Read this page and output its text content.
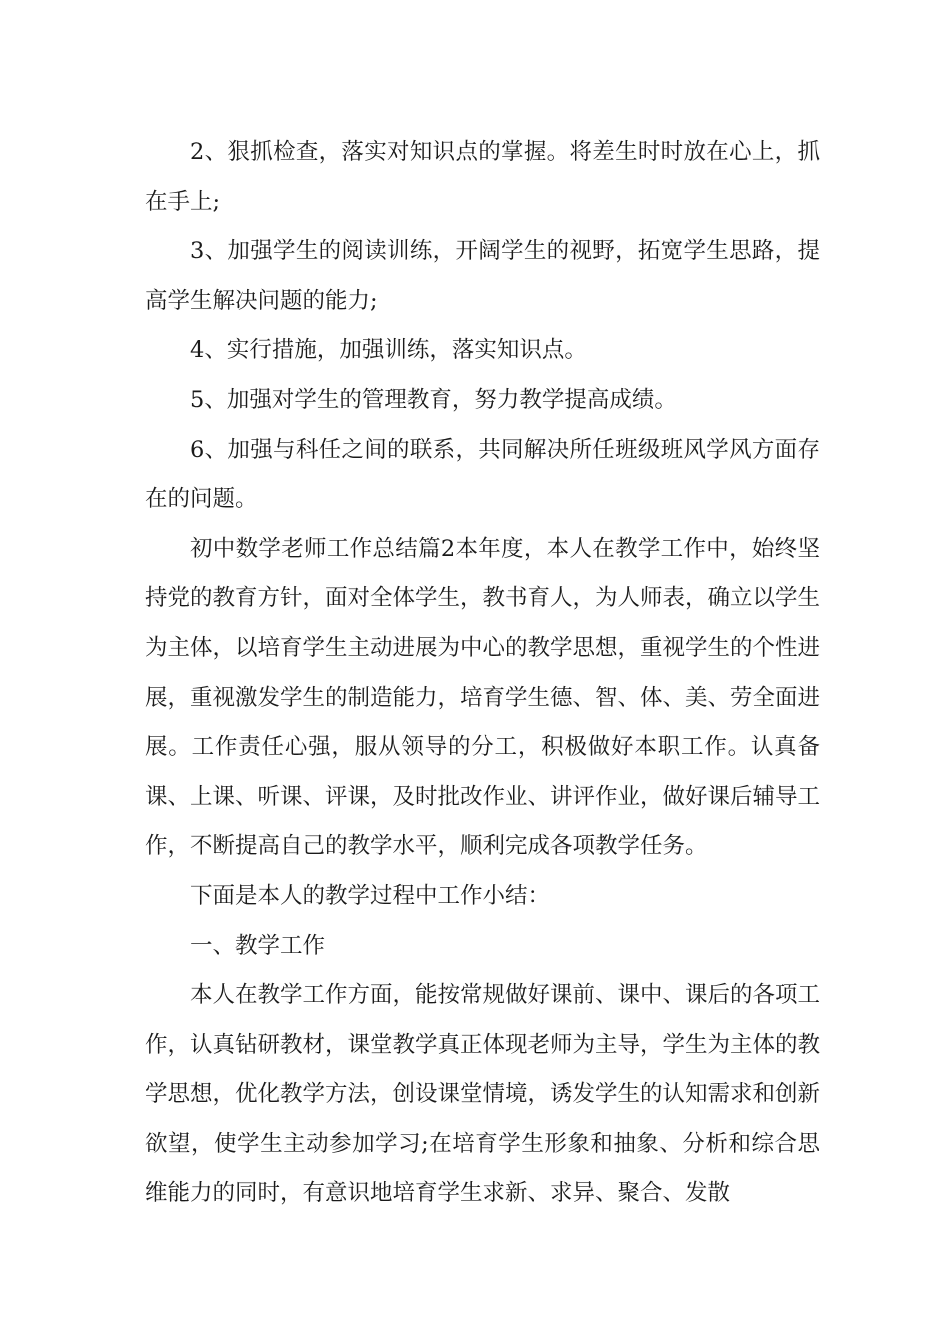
2、狠抓检查，落实对知识点的掌握。将差生时时放在心上，抓在手上;

3、加强学生的阅读训练，开阔学生的视野，拓宽学生思路，提高学生解决问题的能力;

4、实行措施，加强训练，落实知识点。

5、加强对学生的管理教育，努力教学提高成绩。

6、加强与科任之间的联系，共同解决所任班级班风学风方面存在的问题。

初中数学老师工作总结篇2本年度，本人在教学工作中，始终坚持党的教育方针，面对全体学生，教书育人，为人师表，确立以学生为主体，以培育学生主动进展为中心的教学思想，重视学生的个性进展，重视激发学生的制造能力，培育学生德、智、体、美、劳全面进展。工作责任心强，服从领导的分工，积极做好本职工作。认真备课、上课、听课、评课，及时批改作业、讲评作业，做好课后辅导工作，不断提高自己的教学水平，顺利完成各项教学任务。

下面是本人的教学过程中工作小结：

一、教学工作

本人在教学工作方面，能按常规做好课前、课中、课后的各项工作，认真钻研教材，课堂教学真正体现老师为主导，学生为主体的教学思想，优化教学方法，创设课堂情境，诱发学生的认知需求和创新欲望，使学生主动参加学习;在培育学生形象和抽象、分析和综合思维能力的同时，有意识地培育学生求新、求异、聚合、发散
